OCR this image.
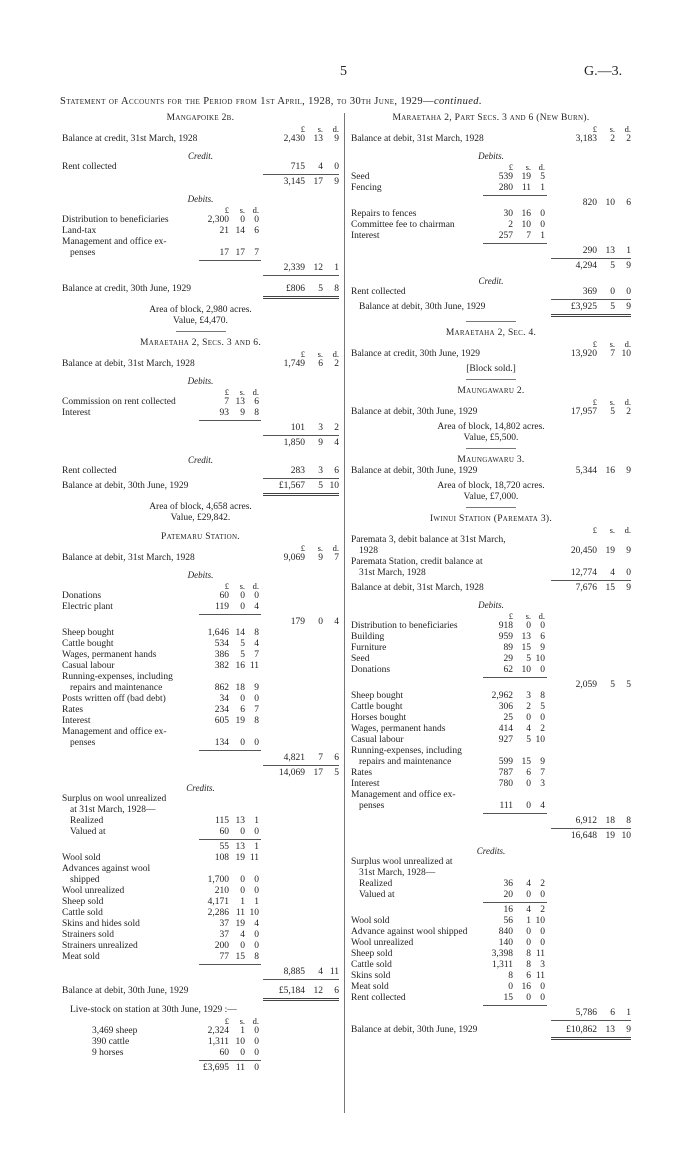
5	G.—3.
Statement of Accounts for the Period from 1st April, 1928, to 30th June, 1929—continued.
Mangapoike 2b.
£	s.	d.
Balance at credit, 31st March, 1928	2,430 13	9
Credit.
Rent collected	715	4	0
3,145 17	9
Debits.
£	s. d.
Distribution to beneficiaries	2,300	0 0
Land-tax	21 14 6
Management and office ex-
penses	17 17 7
2,339 12	1
Balance at credit, 30th June, 1929	£806	5	8
Area of block, 2,980 acres.
Value, £4,470.
Maraetaha 2, Secs. 3 and 6.
£	s.	d.
Balance at debit, 31st March, 1928	1,749	6	2
Debits.
£	s. d.
Commission on rent collected	7 13 6
Interest	93	9 8
101	3	2
1,850	9	4
Credit.
Rent collected	283	3	6
Balance at debit, 30th June, 1929	£1,567	5 10
Area of block, 4,658 acres.
Value, £29,842.
Patemaru Station.
£	s.	d.
Balance at debit, 31st March, 1928	9,069	9	7
Debits.
£	s. d.
Donations	60	0 0
Electric plant	119	0 4
179	0	4
Sheep bought	1,646 14 8
Cattle bought	534	5 4
Wages, permanent hands	386	5 7
Casual labour	382 16 11
Running-expenses, including
repairs and maintenance	862 18 9
Posts written off (bad debt)	34	0 0
Rates	234	6 7
Interest	605 19 8
Management and office ex-
penses	134	0 0
4,821	7	6
14,069 17	5
Credits.
Surplus on wool unrealized
at 31st March, 1928—
Realized	115 13 1
Valued at	60	0 0
55 13 1
Wool sold	108 19 11
Advances against wool
shipped	1,700	0 0
Wool unrealized	210	0 0
Sheep sold	4,171	1 1
Cattle sold	2,286 11 10
Skins and hides sold	37 19 4
Strainers sold	37	4 0
Strainers unrealized	200	0 0
Meat sold	77 15 8
8,885	4 11
Balance at debit, 30th June, 1929	£5,184 12	6
Live-stock on station at 30th June, 1929 :—
£	s. d.
3,469 sheep	2,324	1 0
390 cattle	1,311 10 0
9 horses	60	0 0
£3,695 11 0
Maraetaha 2, Part Secs. 3 and 6 (New Burn).
£	s.	d.
Balance at debit, 31st March, 1928	3,183	2	2
Debits.
£	s. d.
Seed	539 19 5
Fencing	280 11 1
820 10	6
Repairs to fences	30 16 0
Committee fee to chairman	2 10 0
Interest	257	7 1
290 13	1
4,294	5	9
Credit.
Rent collected	369	0	0
Balance at debit, 30th June, 1929	£3,925	5	9
Maraetaha 2, Sec. 4.
£	s.	d.
Balance at credit, 30th June, 1929	13,920	7 10
[Block sold.]
Maungawaru 2.
£	s.	d.
Balance at debit, 30th June, 1929	17,957	5	2
Area of block, 14,802 acres.
Value, £5,500.
Maungawaru 3.
Balance at debit, 30th June, 1929	5,344 16	9
Area of block, 18,720 acres.
Value, £7,000.
Iwinui Station (Paremata 3).
£	s.	d.
Paremata 3, debit balance at 31st March,
1928	20,450 19	9
Paremata Station, credit balance at
31st March, 1928	12,774	4	0
Balance at debit, 31st March, 1928	7,676 15	9
Debits.
£	s. d.
Distribution to beneficiaries	918	0 0
Building	959 13 6
Furniture	89 15 9
Seed	29	5 10
Donations	62 10 0
2,059	5	5
Sheep bought	2,962	3 8
Cattle bought	306	2 5
Horses bought	25	0 0
Wages, permanent hands	414	4 2
Casual labour	927	5 10
Running-expenses, including
repairs and maintenance	599 15 9
Rates	787	6 7
Interest	780	0 3
Management and office ex-
penses	111	0 4
6,912 18	8
16,648 19 10
Credits.
Surplus wool unrealized at
31st March, 1928—
Realized	36	4 2
Valued at	20	0 0
16	4 2
Wool sold	56	1 10
Advance against wool shipped	840	0 0
Wool unrealized	140	0 0
Sheep sold	3,398	8 11
Cattle sold	1,311	8 3
Skins sold	8	6 11
Meat sold	0 16 0
Rent collected	15	0 0
5,786	6	1
Balance at debit, 30th June, 1929	£10,862 13	9
